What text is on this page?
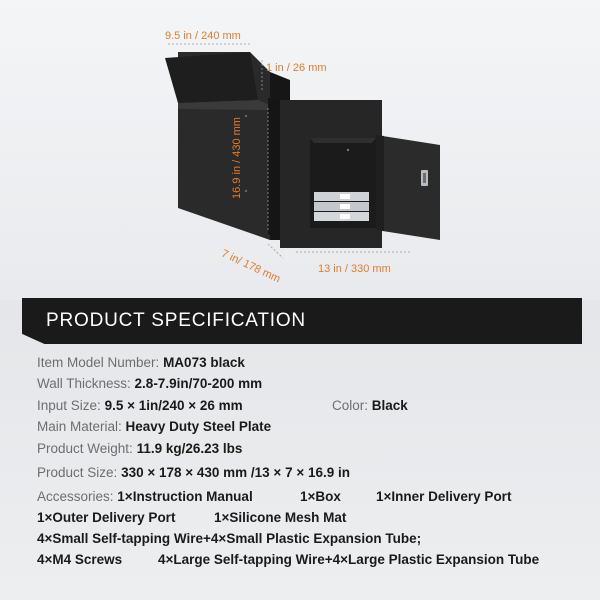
9.5 in / 240 mm
1 in / 26 mm
16.9 in / 430 mm
7 in/ 178 mm	13 in / 330 mm
PRODUCT SPECIFICATION
Item Model Number: MA073 black
Wall Thickness: 2.8-7.9in/70-200 mm
Input Size: 9.5 × 1in/240 × 26 mm	Color: Black
Main Material: Heavy Duty Steel Plate
Product Weight: 11.9 kg/26.23 lbs
Product Size: 330 × 178 × 430 mm /13 × 7 × 16.9 in
Accessories: 1×Instruction Manual	1×Box	1×Inner Delivery Port
1×Outer Delivery Port	1×Silicone Mesh Mat
4×Small Self-tapping Wire+4×Small Plastic Expansion Tube;
4×M4 Screws	4×Large Self-tapping Wire+4×Large Plastic Expansion Tube
